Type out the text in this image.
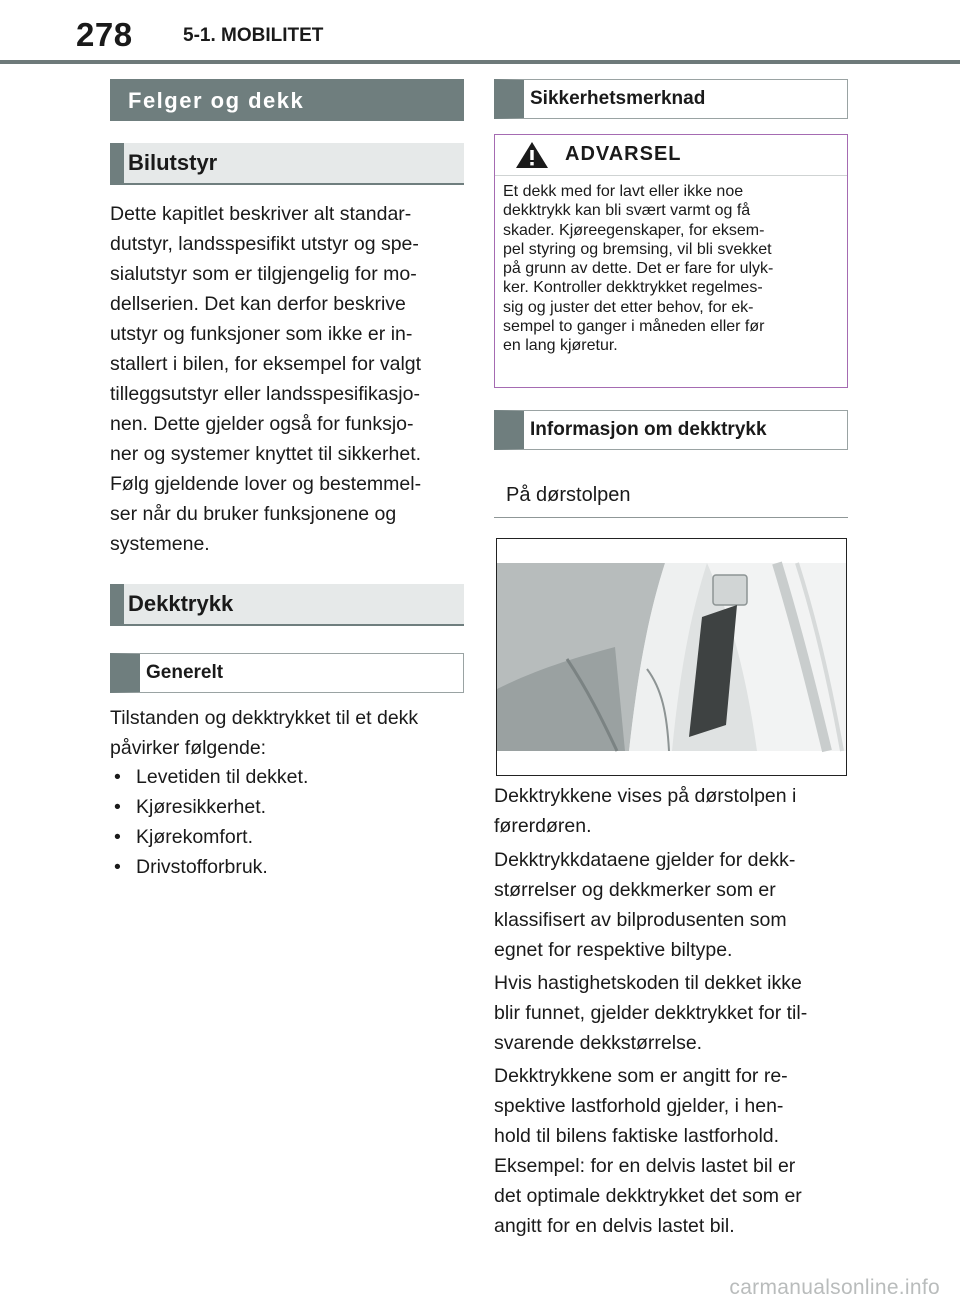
278	5-1. MOBILITET
Felger og dekk
Bilutstyr

Dette kapitlet beskriver alt standar-
dutstyr, landsspesifikt utstyr og spe-
sialutstyr som er tilgjengelig for mo-
dellserien. Det kan derfor beskrive
utstyr og funksjoner som ikke er in-
stallert i bilen, for eksempel for valgt
tilleggsutstyr eller landsspesifikasjo-
nen. Dette gjelder også for funksjo-
ner og systemer knyttet til sikkerhet.
Følg gjeldende lover og bestemmel-
ser når du bruker funksjonene og
systemene.

Dekktrykk
Generelt

Tilstanden og dekktrykket til et dekk
påvirker følgende:

• Levetiden til dekket.
• Kjøresikkerhet.
• Kjørekomfort.
• Drivstofforbruk.
Sikkerhetsmerknad
ADVARSEL
Et dekk med for lavt eller ikke noe
dekktrykk kan bli svært varmt og få
skader. Kjøreegenskaper, for eksem-
pel styring og bremsing, vil bli svekket
på grunn av dette. Det er fare for ulyk-
ker. Kontroller dekktrykket regelmes-
sig og juster det etter behov, for ek-
sempel to ganger i måneden eller før
en lang kjøretur.
Informasjon om dekktrykk
På dørstolpen

Dekktrykkene vises på dørstolpen i
førerdøren.

Dekktrykkdataene gjelder for dekk-
størrelser og dekkmerker som er
klassifisert av bilprodusenten som
egnet for respektive biltype.

Hvis hastighetskoden til dekket ikke
blir funnet, gjelder dekktrykket for til-
svarende dekkstørrelse.

Dekktrykkene som er angitt for re-
spektive lastforhold gjelder, i hen-
hold til bilens faktiske lastforhold.
Eksempel: for en delvis lastet bil er
det optimale dekktrykket det som er
angitt for en delvis lastet bil.

carmanualsonline.info
